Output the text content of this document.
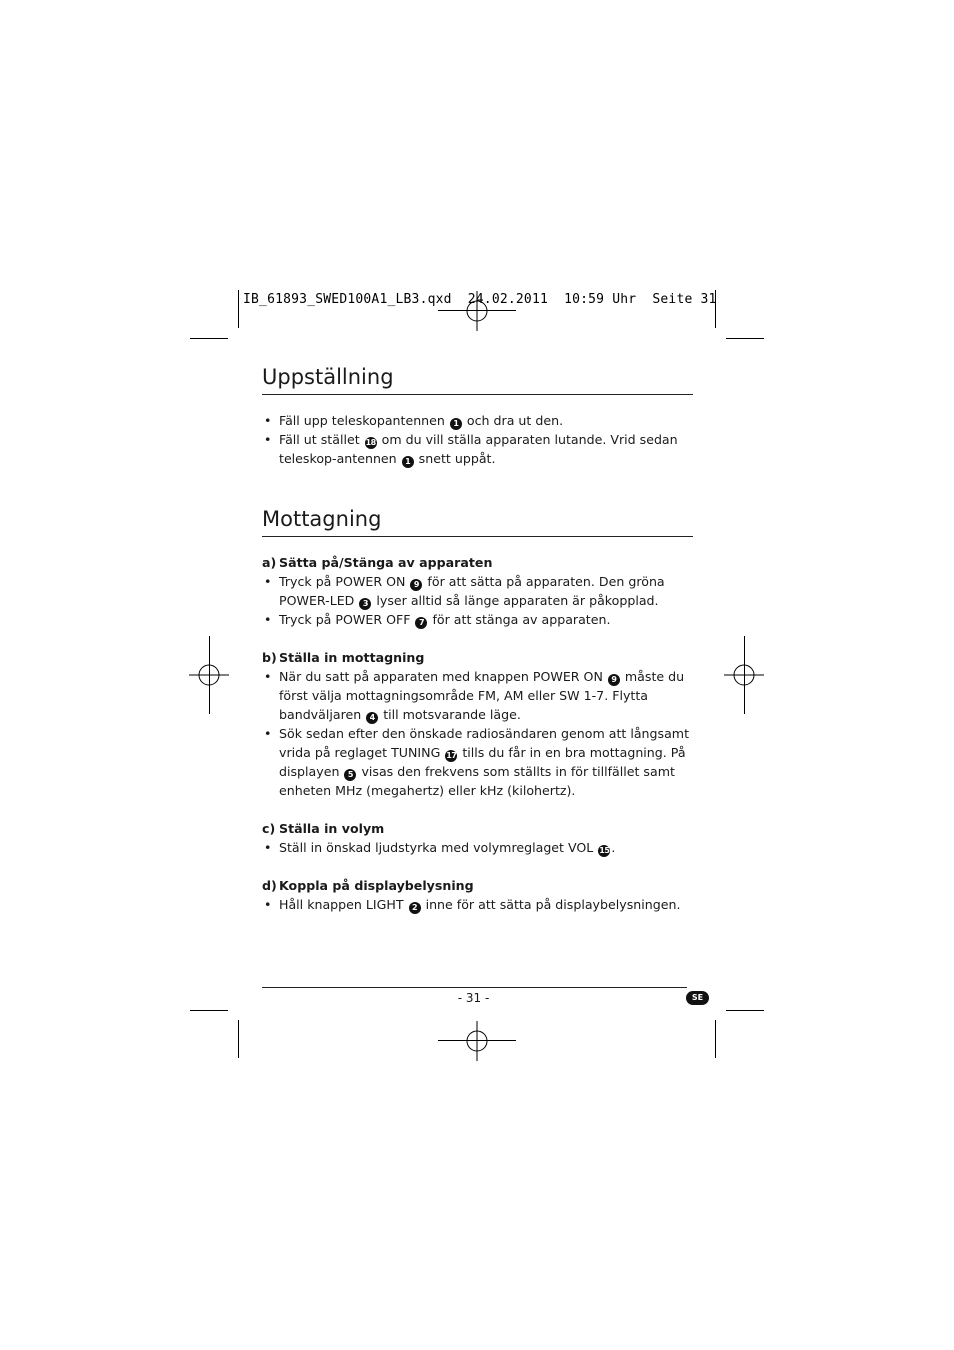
IB_61893_SWED100A1_LB3.qxd  24.02.2011  10:59 Uhr  Seite 31
Uppställning
• Fäll upp teleskopantennen 1 och dra ut den.
• Fäll ut stället 18 om du vill ställa apparaten lutande. Vrid sedan teleskop-antennen 1 snett uppåt.
Mottagning
a) Sätta på/Stänga av apparaten
• Tryck på POWER ON 9 för att sätta på apparaten. Den gröna POWER-LED 3 lyser alltid så länge apparaten är påkopplad.
• Tryck på POWER OFF 7 för att stänga av apparaten.
b) Ställa in mottagning
• När du satt på apparaten med knappen POWER ON 9 måste du först välja mottagningsområde FM, AM eller SW 1-7. Flytta bandväljaren 4 till motsvarande läge.
• Sök sedan efter den önskade radiosändaren genom att långsamt vrida på reglaget TUNING 17 tills du får in en bra mottagning. På displayen 5 visas den frekvens som ställts in för tillfället samt enheten MHz (megahertz) eller kHz (kilohertz).
c) Ställa in volym
• Ställ in önskad ljudstyrka med volymreglaget VOL 15 .
d) Koppla på displaybelysning
• Håll knappen LIGHT 2 inne för att sätta på displaybelysningen.
- 31 -	SE
